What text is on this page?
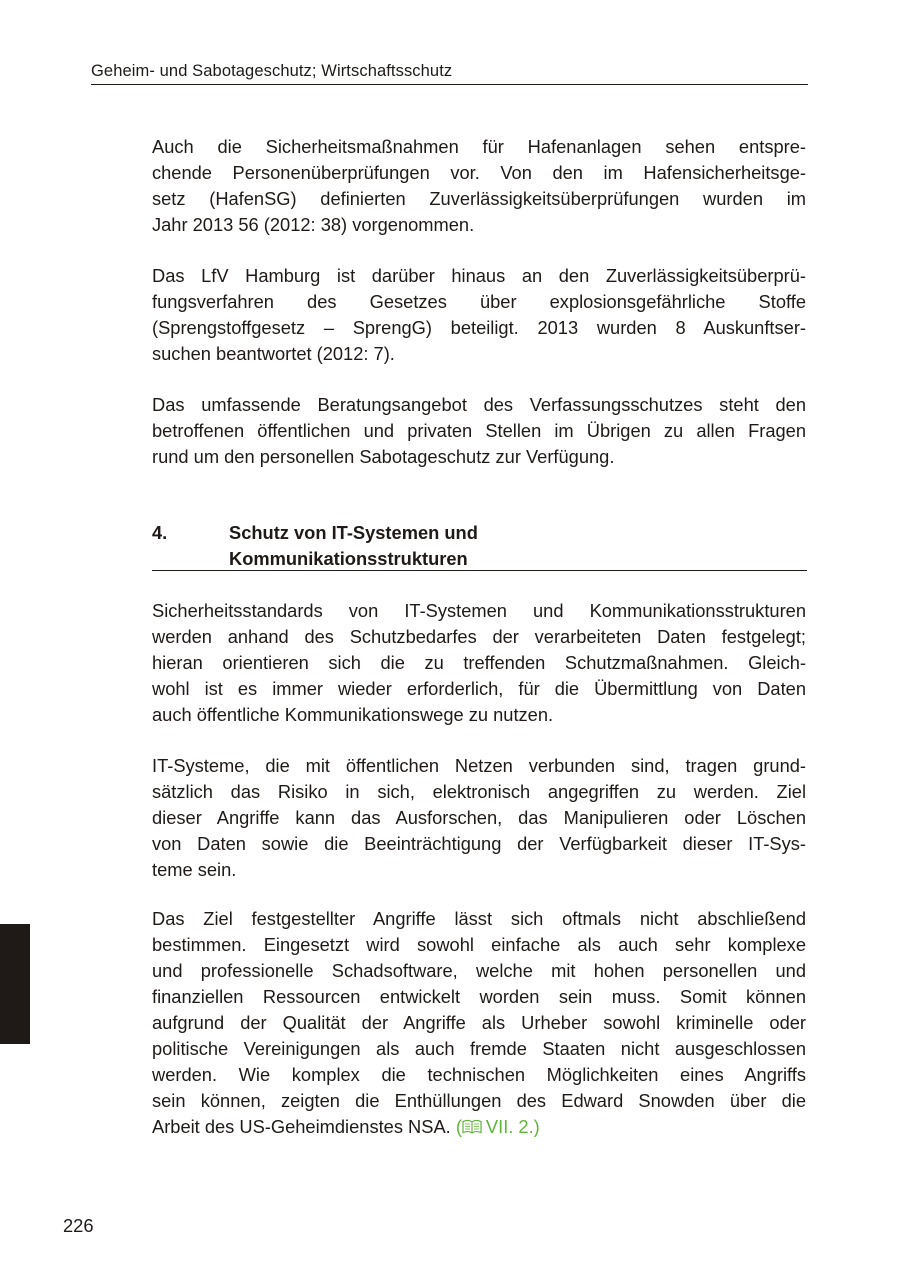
Geheim- und Sabotageschutz; Wirtschaftsschutz
Auch die Sicherheitsmaßnahmen für Hafenanlagen sehen entspre-
chende Personenüberprüfungen vor. Von den im Hafensicherheitsge-
setz (HafenSG) definierten Zuverlässigkeitsüberprüfungen wurden im
Jahr 2013 56 (2012: 38) vorgenommen.
Das LfV Hamburg ist darüber hinaus an den Zuverlässigkeitsüberprü-
fungsverfahren des Gesetzes über explosionsgefährliche Stoffe
(Sprengstoffgesetz – SprengG) beteiligt. 2013 wurden 8 Auskunftser-
suchen beantwortet (2012: 7).
Das umfassende Beratungsangebot des Verfassungsschutzes steht den
betroffenen öffentlichen und privaten Stellen im Übrigen zu allen Fragen
rund um den personellen Sabotageschutz zur Verfügung.
4.	Schutz von IT-Systemen und
Kommunikationsstrukturen
Sicherheitsstandards von IT-Systemen und Kommunikationsstrukturen
werden anhand des Schutzbedarfes der verarbeiteten Daten festgelegt;
hieran orientieren sich die zu treffenden Schutzmaßnahmen. Gleich-
wohl ist es immer wieder erforderlich, für die Übermittlung von Daten
auch öffentliche Kommunikationswege zu nutzen.
IT-Systeme, die mit öffentlichen Netzen verbunden sind, tragen grund-
sätzlich das Risiko in sich, elektronisch angegriffen zu werden. Ziel
dieser Angriffe kann das Ausforschen, das Manipulieren oder Löschen
von Daten sowie die Beeinträchtigung der Verfügbarkeit dieser IT-Sys-
teme sein.
Das Ziel festgestellter Angriffe lässt sich oftmals nicht abschließend
bestimmen. Eingesetzt wird sowohl einfache als auch sehr komplexe
und professionelle Schadsoftware, welche mit hohen personellen und
finanziellen Ressourcen entwickelt worden sein muss. Somit können
aufgrund der Qualität der Angriffe als Urheber sowohl kriminelle oder
politische Vereinigungen als auch fremde Staaten nicht ausgeschlossen
werden. Wie komplex die technischen Möglichkeiten eines Angriffs
sein können, zeigten die Enthüllungen des Edward Snowden über die
Arbeit des US-Geheimdienstes NSA. ( VII. 2.)
226
